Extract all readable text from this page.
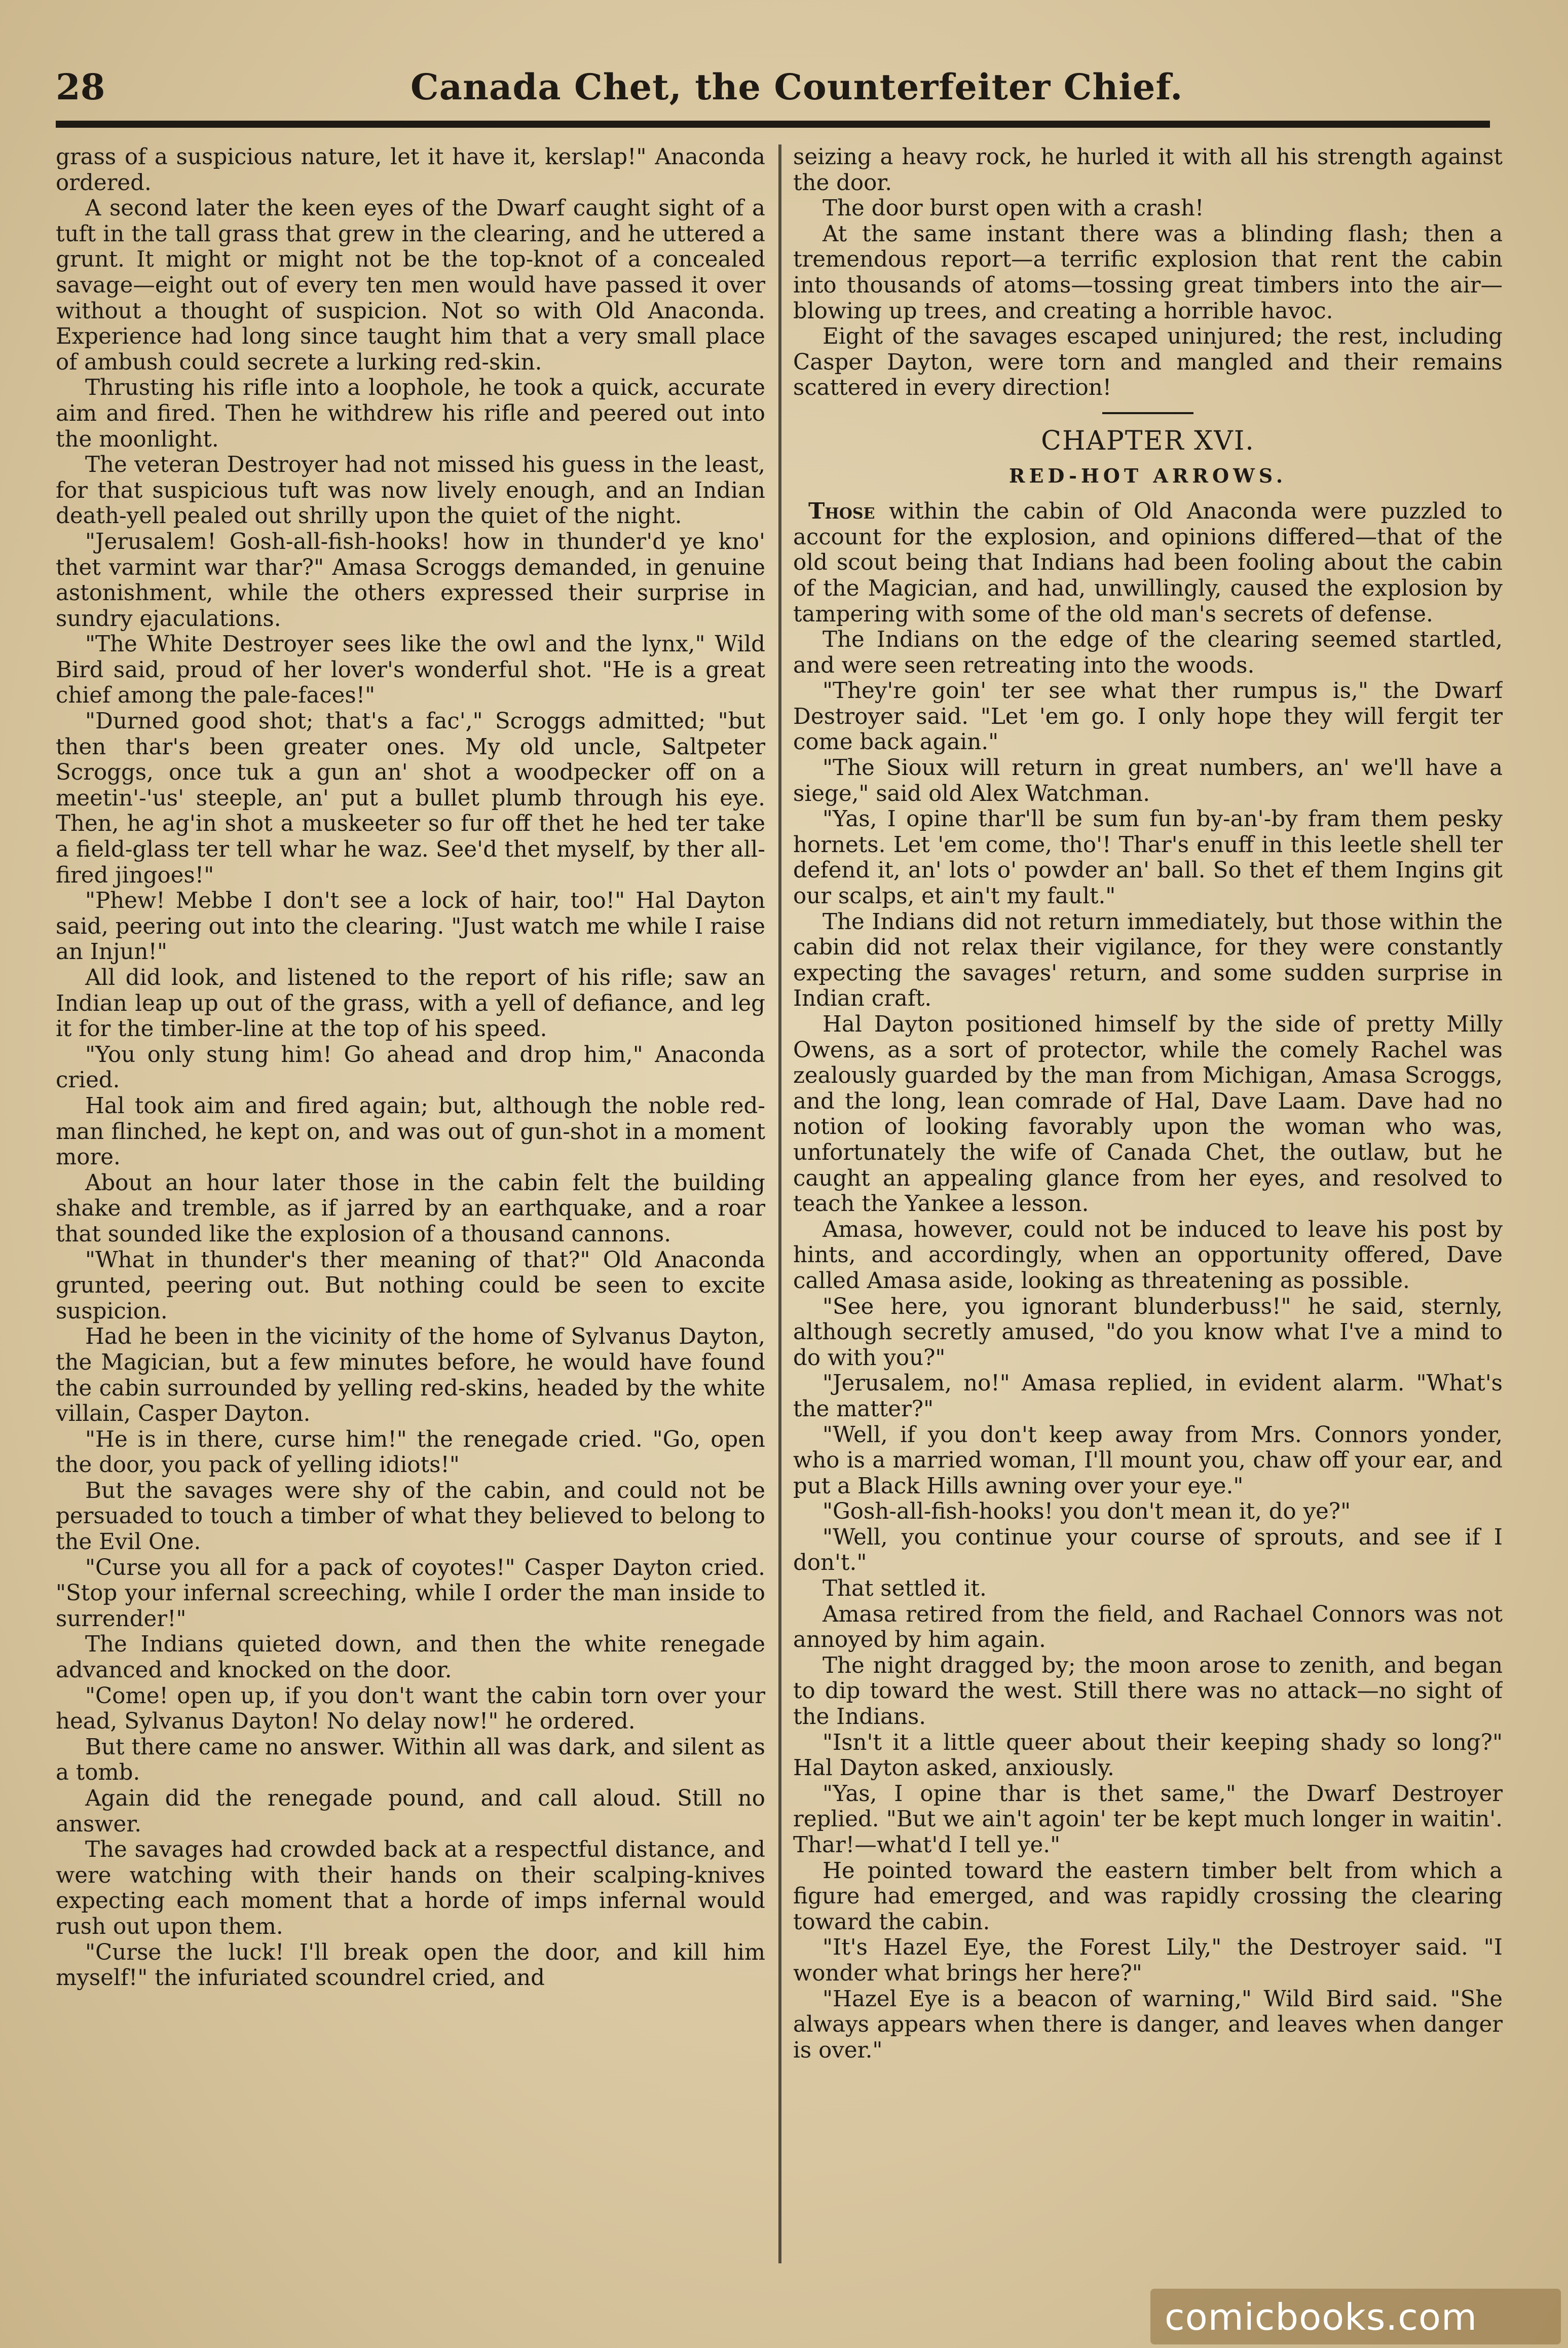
28	Canada Chet, the Counterfeiter Chief.

grass of a suspicious nature, let it have it, kerslap!" Anaconda ordered.

A second later the keen eyes of the Dwarf caught sight of a tuft in the tall grass that grew in the clearing, and he uttered a grunt. It might or might not be the top-knot of a concealed savage—eight out of every ten men would have passed it over without a thought of suspicion. Not so with Old Anaconda. Experience had long since taught him that a very small place of ambush could secrete a lurking red-skin.

Thrusting his rifle into a loophole, he took a quick, accurate aim and fired. Then he withdrew his rifle and peered out into the moonlight.

The veteran Destroyer had not missed his guess in the least, for that suspicious tuft was now lively enough, and an Indian death-yell pealed out shrilly upon the quiet of the night.

"Jerusalem! Gosh-all-fish-hooks! how in thunder'd ye kno' thet varmint war thar?" Amasa Scroggs demanded, in genuine astonishment, while the others expressed their surprise in sundry ejaculations.

"The White Destroyer sees like the owl and the lynx," Wild Bird said, proud of her lover's wonderful shot. "He is a great chief among the pale-faces!"

"Durned good shot; that's a fac'," Scroggs admitted; "but then thar's been greater ones. My old uncle, Saltpeter Scroggs, once tuk a gun an' shot a woodpecker off on a meetin'-'us' steeple, an' put a bullet plumb through his eye. Then, he ag'in shot a muskeeter so fur off thet he hed ter take a field-glass ter tell whar he waz. See'd thet myself, by ther all-fired jingoes!"

"Phew! Mebbe I don't see a lock of hair, too!" Hal Dayton said, peering out into the clearing. "Just watch me while I raise an Injun!"

All did look, and listened to the report of his rifle; saw an Indian leap up out of the grass, with a yell of defiance, and leg it for the timber-line at the top of his speed.

"You only stung him! Go ahead and drop him," Anaconda cried.

Hal took aim and fired again; but, although the noble red-man flinched, he kept on, and was out of gun-shot in a moment more.

About an hour later those in the cabin felt the building shake and tremble, as if jarred by an earthquake, and a roar that sounded like the explosion of a thousand cannons.

"What in thunder's ther meaning of that?" Old Anaconda grunted, peering out. But nothing could be seen to excite suspicion.

Had he been in the vicinity of the home of Sylvanus Dayton, the Magician, but a few minutes before, he would have found the cabin surrounded by yelling red-skins, headed by the white villain, Casper Dayton.

"He is in there, curse him!" the renegade cried. "Go, open the door, you pack of yelling idiots!"

But the savages were shy of the cabin, and could not be persuaded to touch a timber of what they believed to belong to the Evil One.

"Curse you all for a pack of coyotes!" Casper Dayton cried. "Stop your infernal screeching, while I order the man inside to surrender!"

The Indians quieted down, and then the white renegade advanced and knocked on the door.

"Come! open up, if you don't want the cabin torn over your head, Sylvanus Dayton! No delay now!" he ordered.

But there came no answer. Within all was dark, and silent as a tomb.

Again did the renegade pound, and call aloud. Still no answer.

The savages had crowded back at a respectful distance, and were watching with their hands on their scalping-knives expecting each moment that a horde of imps infernal would rush out upon them.

"Curse the luck! I'll break open the door, and kill him myself!" the infuriated scoundrel cried, and

seizing a heavy rock, he hurled it with all his strength against the door.

The door burst open with a crash!

At the same instant there was a blinding flash; then a tremendous report—a terrific explosion that rent the cabin into thousands of atoms—tossing great timbers into the air—blowing up trees, and creating a horrible havoc.

Eight of the savages escaped uninjured; the rest, including Casper Dayton, were torn and mangled and their remains scattered in every direction!

CHAPTER XVI.
RED-HOT ARROWS.

Those within the cabin of Old Anaconda were puzzled to account for the explosion, and opinions differed—that of the old scout being that Indians had been fooling about the cabin of the Magician, and had, unwillingly, caused the explosion by tampering with some of the old man's secrets of defense.

The Indians on the edge of the clearing seemed startled, and were seen retreating into the woods.

"They're goin' ter see what ther rumpus is," the Dwarf Destroyer said. "Let 'em go. I only hope they will fergit ter come back again."

"The Sioux will return in great numbers, an' we'll have a siege," said old Alex Watchman.

"Yas, I opine thar'll be sum fun by-an'-by fram them pesky hornets. Let 'em come, tho'! Thar's enuff in this leetle shell ter defend it, an' lots o' powder an' ball. So thet ef them Ingins git our scalps, et ain't my fault."

The Indians did not return immediately, but those within the cabin did not relax their vigilance, for they were constantly expecting the savages' return, and some sudden surprise in Indian craft.

Hal Dayton positioned himself by the side of pretty Milly Owens, as a sort of protector, while the comely Rachel was zealously guarded by the man from Michigan, Amasa Scroggs, and the long, lean comrade of Hal, Dave Laam. Dave had no notion of looking favorably upon the woman who was, unfortunately the wife of Canada Chet, the outlaw, but he caught an appealing glance from her eyes, and resolved to teach the Yankee a lesson.

Amasa, however, could not be induced to leave his post by hints, and accordingly, when an opportunity offered, Dave called Amasa aside, looking as threatening as possible.

"See here, you ignorant blunderbuss!" he said, sternly, although secretly amused, "do you know what I've a mind to do with you?"

"Jerusalem, no!" Amasa replied, in evident alarm. "What's the matter?"

"Well, if you don't keep away from Mrs. Connors yonder, who is a married woman, I'll mount you, chaw off your ear, and put a Black Hills awning over your eye."

"Gosh-all-fish-hooks! you don't mean it, do ye?"

"Well, you continue your course of sprouts, and see if I don't."

That settled it.

Amasa retired from the field, and Rachael Connors was not annoyed by him again.

The night dragged by; the moon arose to zenith, and began to dip toward the west. Still there was no attack—no sight of the Indians.

"Isn't it a little queer about their keeping shady so long?" Hal Dayton asked, anxiously.

"Yas, I opine thar is thet same," the Dwarf Destroyer replied. "But we ain't agoin' ter be kept much longer in waitin'. Thar!—what'd I tell ye."

He pointed toward the eastern timber belt from which a figure had emerged, and was rapidly crossing the clearing toward the cabin.

"It's Hazel Eye, the Forest Lily," the Destroyer said. "I wonder what brings her here?"

"Hazel Eye is a beacon of warning," Wild Bird said. "She always appears when there is danger, and leaves when danger is over."

comicbooks.com
